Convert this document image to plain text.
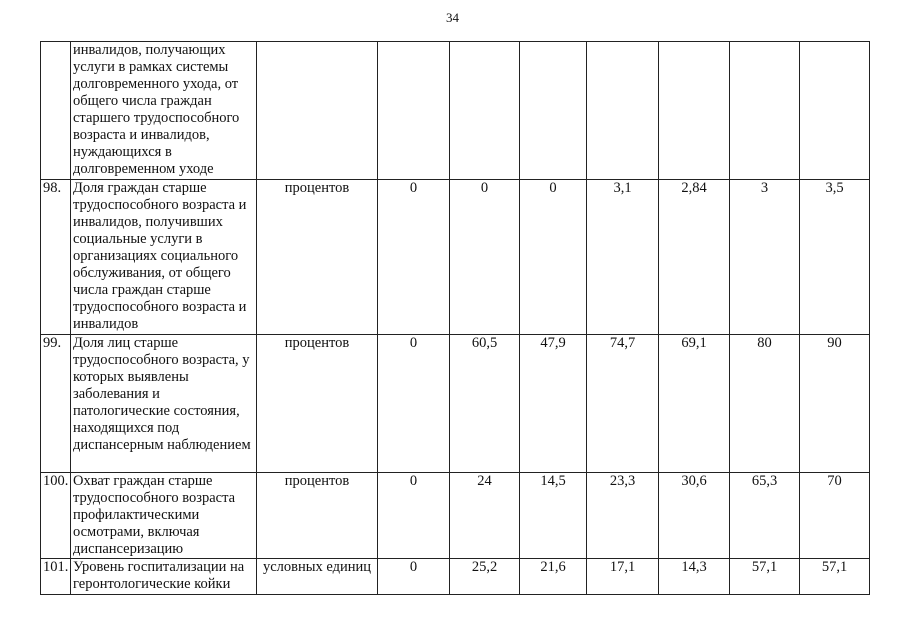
34
	инвалидов, получающих услуги в рамках системы долговременного ухода, от общего числа граждан старшего трудоспособного возраста и инвалидов, нуждающихся в долговременном уходе								
98.	Доля граждан старше трудоспособного возраста и инвалидов, получивших социальные услуги в организациях социального обслуживания, от общего числа граждан старше трудоспособного возраста и инвалидов	процентов	0	0	0	3,1	2,84	3	3,5
99.	Доля лиц старше трудоспособного возраста, у которых выявлены заболевания и патологические состояния, находящихся под диспансерным наблюдением	процентов	0	60,5	47,9	74,7	69,1	80	90
100.	Охват граждан старше трудоспособного возраста профилактическими осмотрами, включая диспансеризацию	процентов	0	24	14,5	23,3	30,6	65,3	70
101.	Уровень госпитализации на геронтологические койки	условных единиц	0	25,2	21,6	17,1	14,3	57,1	57,1
